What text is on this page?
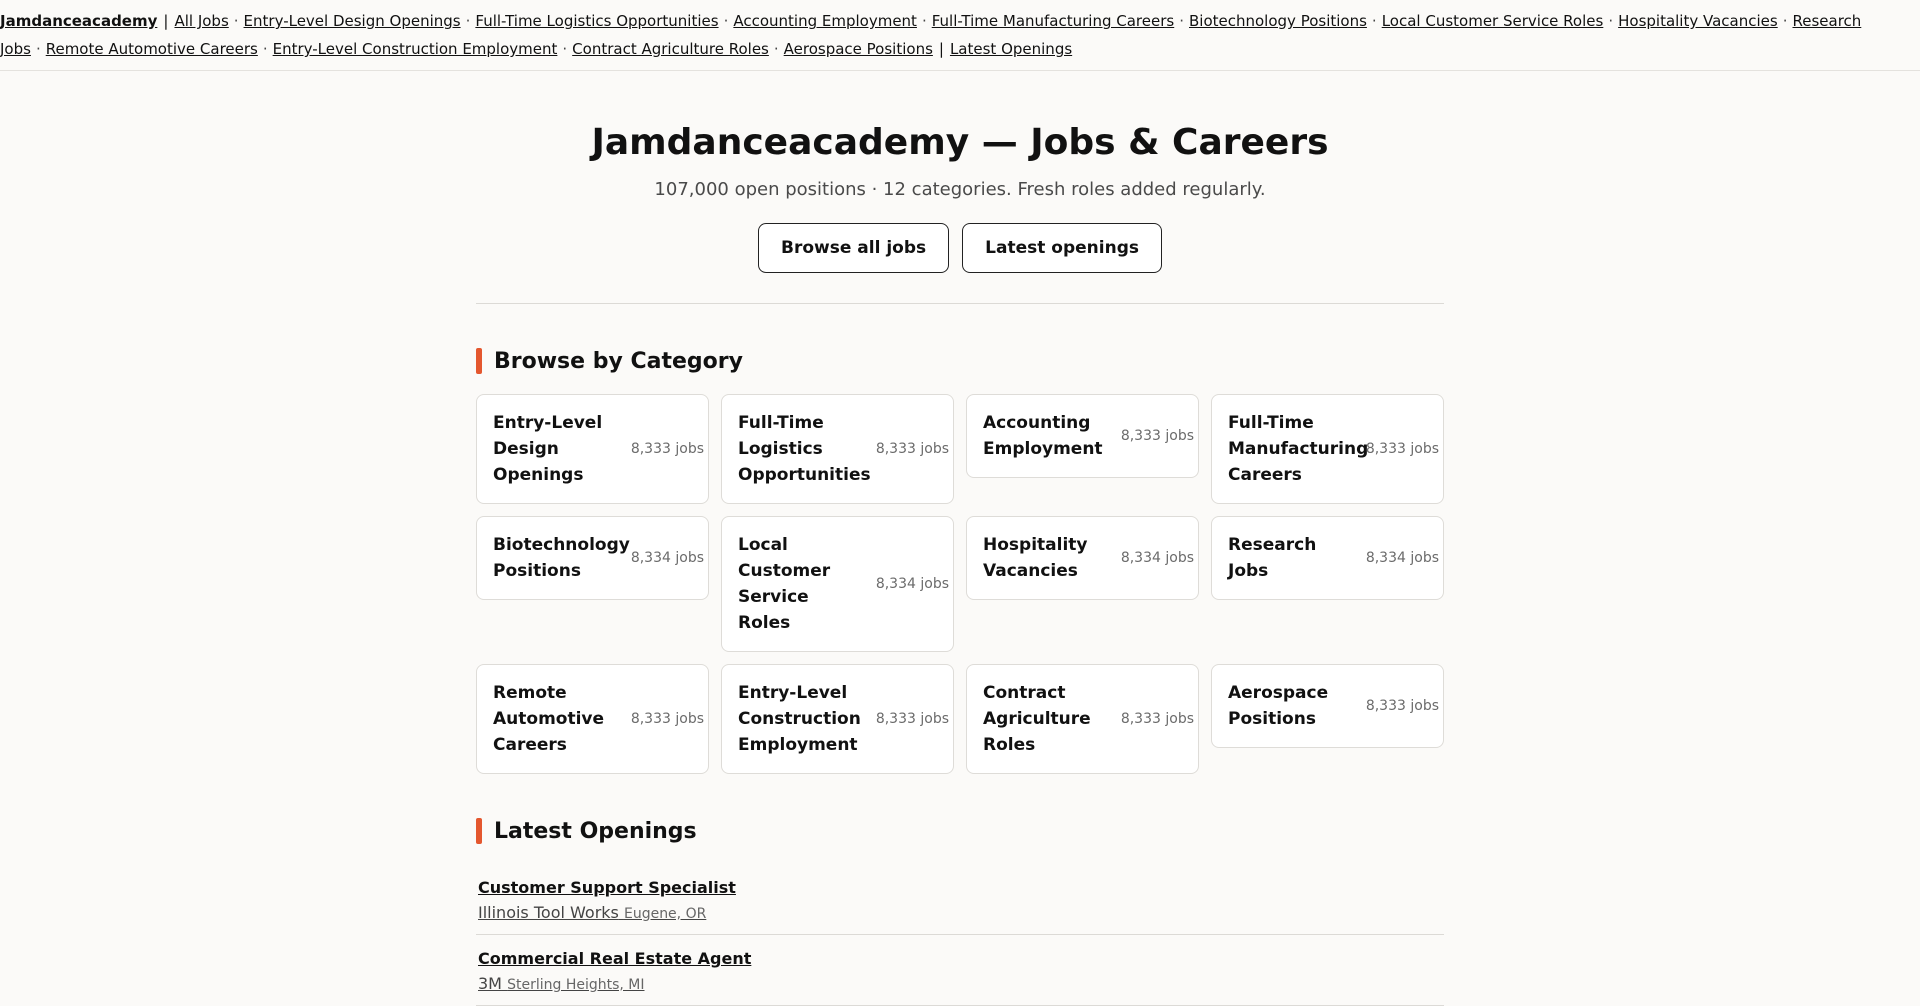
Jamdanceacademy | All Jobs · Entry-Level Design Openings · Full-Time Logistics Opportunities · Accounting Employment · Full-Time Manufacturing Careers · Biotechnology Positions · Local Customer Service Roles · Hospitality Vacancies · Research Jobs · Remote Automotive Careers · Entry-Level Construction Employment · Contract Agriculture Roles · Aerospace Positions | Latest Openings
Jamdanceacademy — Jobs & Careers

107,000 open positions · 12 categories. Fresh roles added regularly.

Browse all jobs	Latest openings
Browse by Category
Entry-Level Design Openings
8,333 jobs
Full-Time Logistics Opportunities
8,333 jobs
Accounting Employment
8,333 jobs
Full-Time Manufacturing Careers
8,333 jobs
Biotechnology Positions
8,334 jobs
Local Customer Service Roles
8,334 jobs
Hospitality Vacancies
8,334 jobs
Research Jobs
8,334 jobs
Remote Automotive Careers
8,333 jobs
Entry-Level Construction Employment
8,333 jobs
Contract Agriculture Roles
8,333 jobs
Aerospace Positions
8,333 jobs
Latest Openings
Customer Support Specialist
Illinois Tool Works Eugene, OR
Commercial Real Estate Agent
3M Sterling Heights, MI
